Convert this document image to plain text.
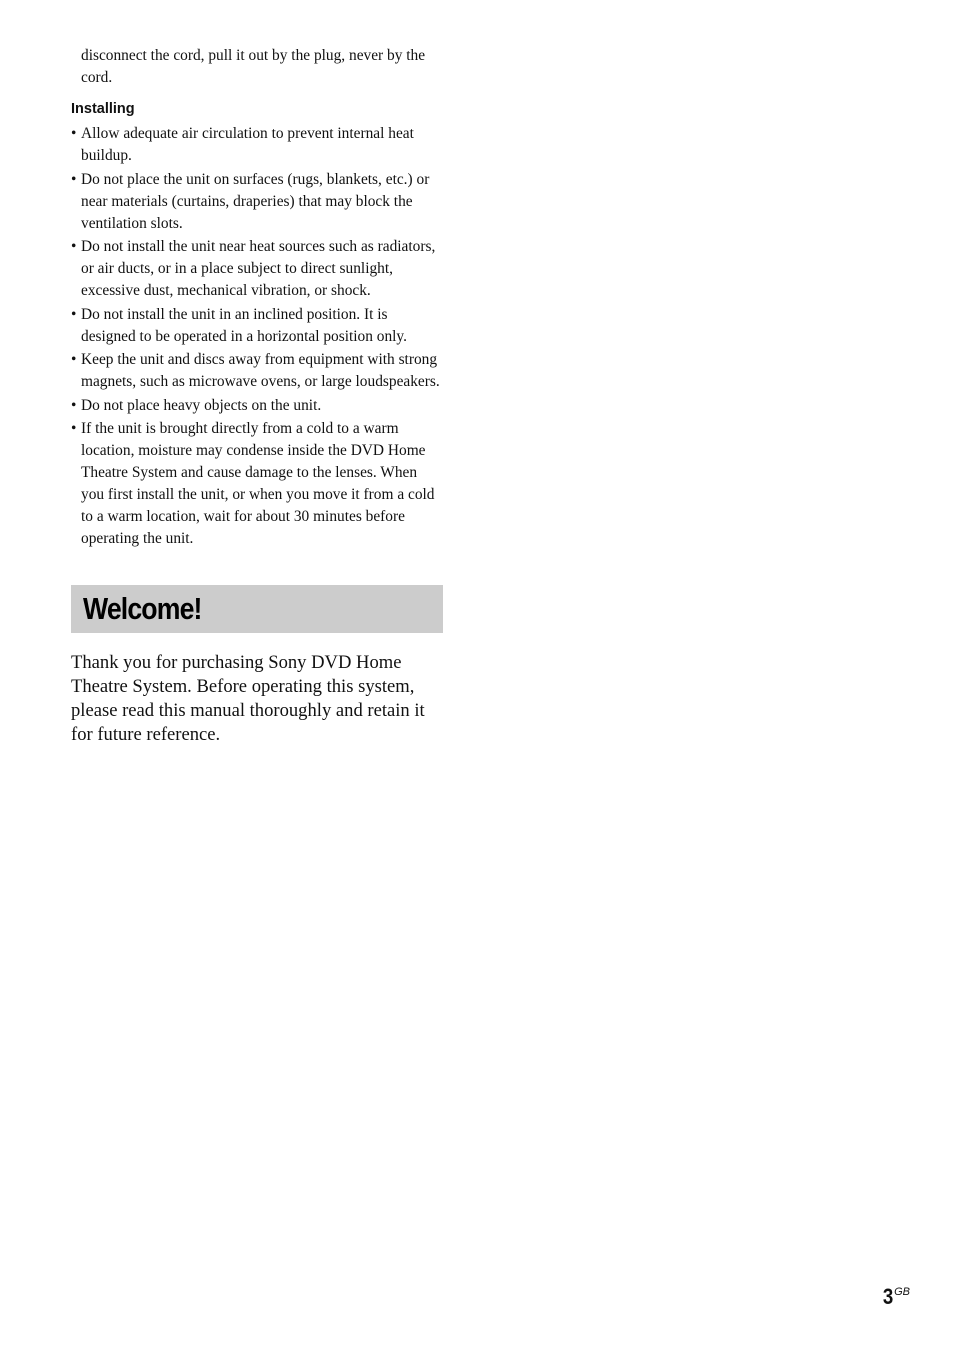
disconnect the cord, pull it out by the plug, never by the cord.

Installing
• Allow adequate air circulation to prevent internal heat buildup.
• Do not place the unit on surfaces (rugs, blankets, etc.) or near materials (curtains, draperies) that may block the ventilation slots.
• Do not install the unit near heat sources such as radiators, or air ducts, or in a place subject to direct sunlight, excessive dust, mechanical vibration, or shock.
• Do not install the unit in an inclined position. It is designed to be operated in a horizontal position only.
• Keep the unit and discs away from equipment with strong magnets, such as microwave ovens, or large loudspeakers.
• Do not place heavy objects on the unit.
• If the unit is brought directly from a cold to a warm location, moisture may condense inside the DVD Home Theatre System and cause damage to the lenses. When you first install the unit, or when you move it from a cold to a warm location, wait for about 30 minutes before operating the unit.
Welcome!

Thank you for purchasing Sony DVD Home Theatre System. Before operating this system, please read this manual thoroughly and retain it for future reference.

$3^{GB}$
